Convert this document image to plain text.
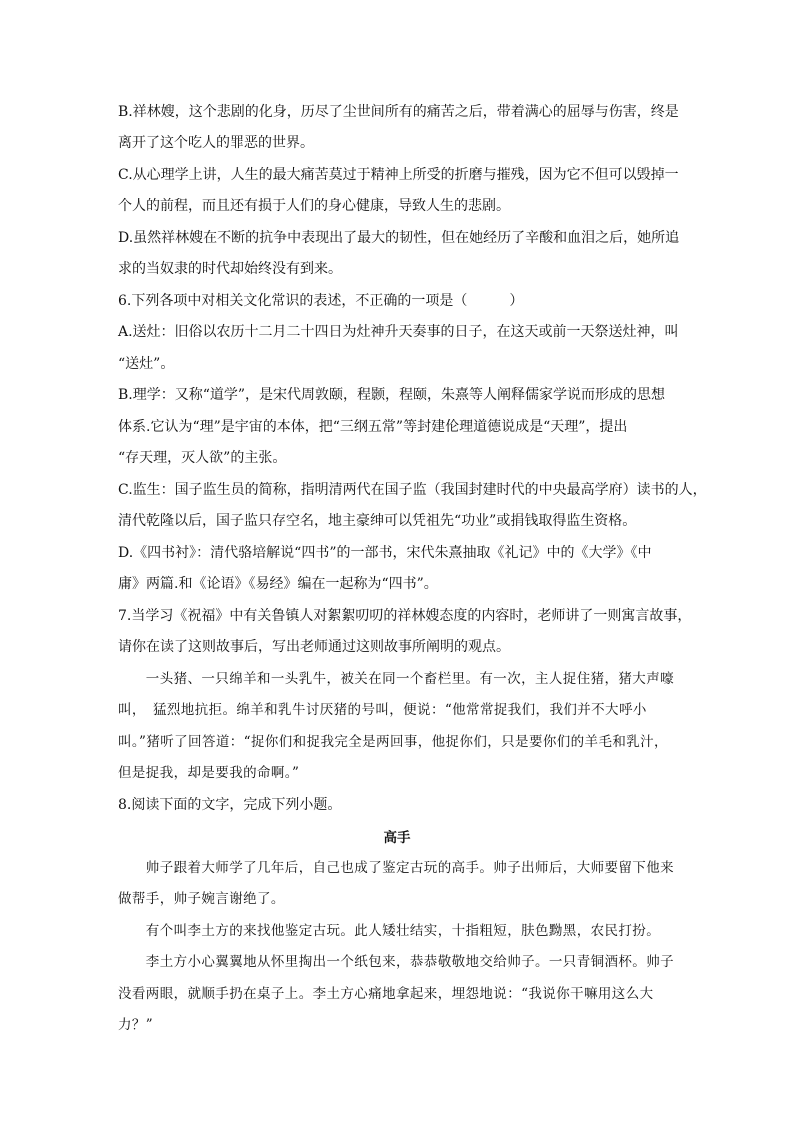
B.祥林嫂，这个悲剧的化身，历尽了尘世间所有的痛苦之后，带着满心的屈辱与伤害，终是
离开了这个吃人的罪恶的世界。
C.从心理学上讲，人生的最大痛苦莫过于精神上所受的折磨与摧残，因为它不但可以毁掉一
个人的前程，而且还有损于人们的身心健康，导致人生的悲剧。
D.虽然祥林嫂在不断的抗争中表现出了最大的韧性，但在她经历了辛酸和血泪之后，她所追
求的当奴隶的时代却始终没有到来。
6.下列各项中对相关文化常识的表述，不正确的一项是（　　　）
A.送灶：旧俗以农历十二月二十四日为灶神升天奏事的日子，在这天或前一天祭送灶神，叫
“送灶”。
B.理学：又称“道学”，是宋代周敦颐，程颢，程颐，朱熹等人阐释儒家学说而形成的思想
体系.它认为“理”是宇宙的本体，把“三纲五常”等封建伦理道德说成是“天理”，提出
“存天理，灭人欲”的主张。
C.监生：国子监生员的简称，指明清两代在国子监（我国封建时代的中央最高学府）读书的人，
清代乾隆以后，国子监只存空名，地主豪绅可以凭祖先“功业”或捐钱取得监生资格。
D.《四书衬》：清代骆培解说“四书”的一部书，宋代朱熹抽取《礼记》中的《大学》《中
庸》两篇.和《论语》《易经》编在一起称为“四书”。
7.当学习《祝福》中有关鲁镇人对絮絮叨叨的祥林嫂态度的内容时，老师讲了一则寓言故事，
请你在读了这则故事后，写出老师通过这则故事所阐明的观点。
　　一头猪、一只绵羊和一头乳牛，被关在同一个畜栏里。有一次，主人捉住猪，猪大声嚎
叫，　猛烈地抗拒。绵羊和乳牛讨厌猪的号叫，便说：“他常常捉我们，我们并不大呼小
叫。”猪听了回答道：“捉你们和捉我完全是两回事，他捉你们，只是要你们的羊毛和乳汁，
但是捉我，却是要我的命啊。”
8.阅读下面的文字，完成下列小题。
高手
　　帅子跟着大师学了几年后，自己也成了鉴定古玩的高手。帅子出师后，大师要留下他来
做帮手，帅子婉言谢绝了。
　　有个叫李土方的来找他鉴定古玩。此人矮壮结实，十指粗短，肤色黝黑，农民打扮。
　　李土方小心翼翼地从怀里掏出一个纸包来，恭恭敬敬地交给帅子。一只青铜酒杯。帅子
没看两眼，就顺手扔在桌子上。李土方心痛地拿起来，埋怨地说：“我说你干嘛用这么大
力？”
